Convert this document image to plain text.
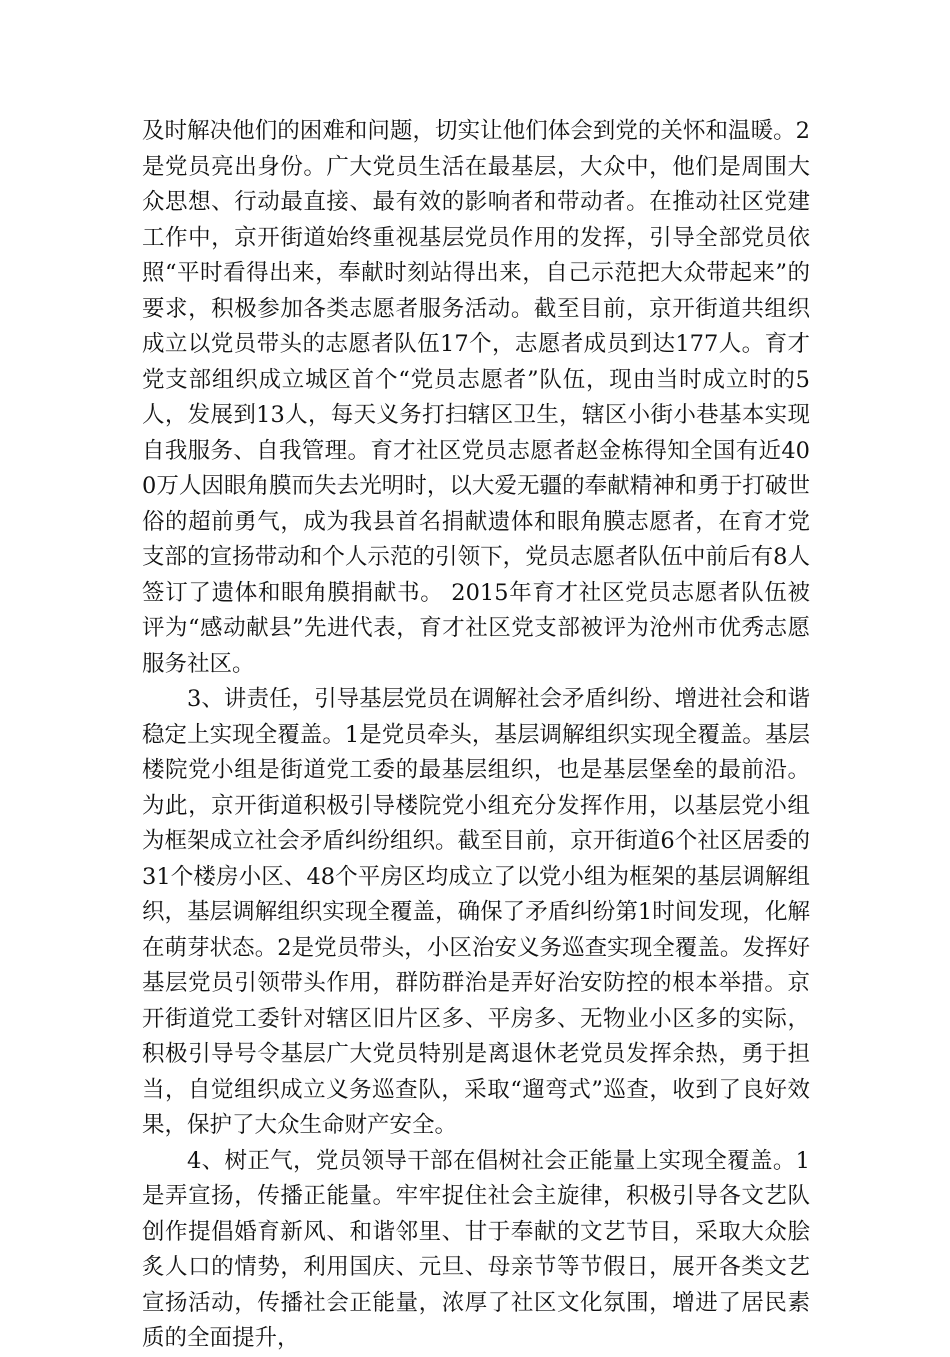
及时解决他们的困难和问题，切实让他们体会到党的关怀和温暖。2是党员亮出身份。广大党员生活在最基层，大众中，他们是周围大众思想、行动最直接、最有效的影响者和带动者。在推动社区党建工作中，京开街道始终重视基层党员作用的发挥，引导全部党员依照“平时看得出来，奉献时刻站得出来，自己示范把大众带起来”的要求，积极参加各类志愿者服务活动。截至目前，京开街道共组织成立以党员带头的志愿者队伍17个，志愿者成员到达177人。育才党支部组织成立城区首个“党员志愿者”队伍，现由当时成立时的5人，发展到13人，每天义务打扫辖区卫生，辖区小街小巷基本实现自我服务、自我管理。育才社区党员志愿者赵金栋得知全国有近400万人因眼角膜而失去光明时，以大爱无疆的奉献精神和勇于打破世俗的超前勇气，成为我县首名捐献遗体和眼角膜志愿者，在育才党支部的宣扬带动和个人示范的引领下，党员志愿者队伍中前后有8人签订了遗体和眼角膜捐献书。 2015年育才社区党员志愿者队伍被评为“感动献县”先进代表，育才社区党支部被评为沧州市优秀志愿服务社区。

3、讲责任，引导基层党员在调解社会矛盾纠纷、增进社会和谐稳定上实现全覆盖。1是党员牵头，基层调解组织实现全覆盖。基层楼院党小组是街道党工委的最基层组织，也是基层堡垒的最前沿。为此，京开街道积极引导楼院党小组充分发挥作用，以基层党小组为框架成立社会矛盾纠纷组织。截至目前，京开街道6个社区居委的31个楼房小区、48个平房区均成立了以党小组为框架的基层调解组织，基层调解组织实现全覆盖，确保了矛盾纠纷第1时间发现，化解在萌芽状态。2是党员带头，小区治安义务巡查实现全覆盖。发挥好基层党员引领带头作用，群防群治是弄好治安防控的根本举措。京开街道党工委针对辖区旧片区多、平房多、无物业小区多的实际，积极引导号令基层广大党员特别是离退休老党员发挥余热，勇于担当，自觉组织成立义务巡查队，采取“遛弯式”巡查，收到了良好效果，保护了大众生命财产安全。

4、树正气，党员领导干部在倡树社会正能量上实现全覆盖。1是弄宣扬，传播正能量。牢牢捉住社会主旋律，积极引导各文艺队创作提倡婚育新风、和谐邻里、甘于奉献的文艺节目，采取大众脍炙人口的情势，利用国庆、元旦、母亲节等节假日，展开各类文艺宣扬活动，传播社会正能量，浓厚了社区文化氛围，增进了居民素质的全面提升，
